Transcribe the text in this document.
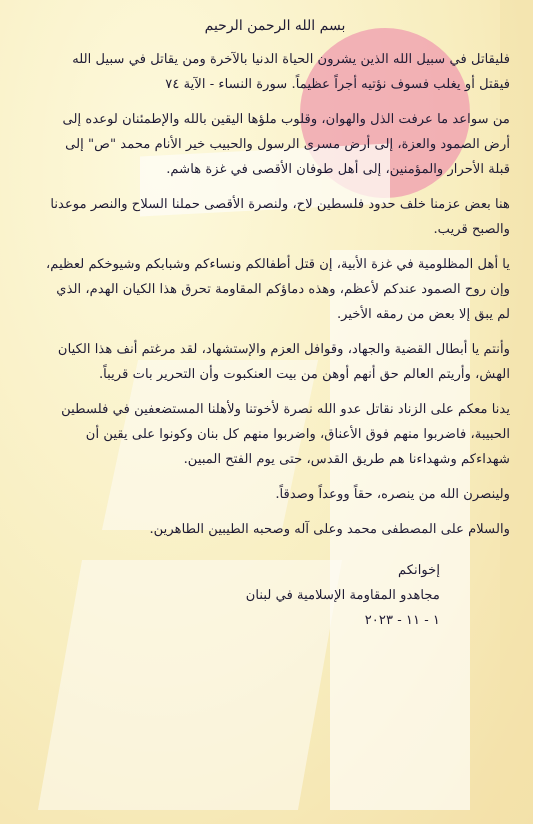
بسم الله الرحمن الرحيم

فليقاتل في سبيل الله الذين يشرون الحياة الدنيا بالآخرة ومن يقاتل في سبيل الله فيقتل أو يغلب فسوف نؤتيه أجراً عظيماً. سورة النساء - الآية ٧٤

من سواعد ما عرفت الذل والهوان، وقلوب ملؤها اليقين بالله والإطمئنان لوعده إلى أرض الصمود والعزة، إلى أرض مسرى الرسول والحبيب خير الأنام محمد "ص" إلى قبلة الأحرار والمؤمنين، إلى أهل طوفان الأقصى في غزة هاشم.

هنا بعض عزمنا خلف حدود فلسطين لاح، ولنصرة الأقصى حملنا السلاح والنصر موعدنا والصبح قريب.

يا أهل المظلومية في غزة الأبية، إن قتل أطفالكم ونساءكم وشبابكم وشيوخكم لعظيم، وإن روح الصمود عندكم لأعظم، وهذه دماؤكم المقاومة تحرق هذا الكيان الهدم، الذي لم يبق إلا بعض من رمقه الأخير.

وأنتم يا أبطال القضية والجهاد، وقوافل العزم والإستشهاد، لقد مرغتم أنف هذا الكيان الهش، وأريتم العالم حق أنهم أوهن من بيت العنكبوت وأن التحرير بات قريباً.

يدنا معكم على الزناد نقاتل عدو الله نصرة لأخوتنا ولأهلنا المستضعفين في فلسطين الحبيبة، فاضربوا منهم فوق الأعناق، واضربوا منهم كل بنان وكونوا على يقين أن شهداءكم وشهداءنا هم طريق القدس، حتى يوم الفتح المبين.

ولينصرن الله من ينصره، حقاً ووعداً وصدقاً.

والسلام على المصطفى محمد وعلى آله وصحبه الطيبين الطاهرين.

إخوانكم
مجاهدو المقاومة الإسلامية في لبنان
١ - ١١ - ٢٠٢٣
